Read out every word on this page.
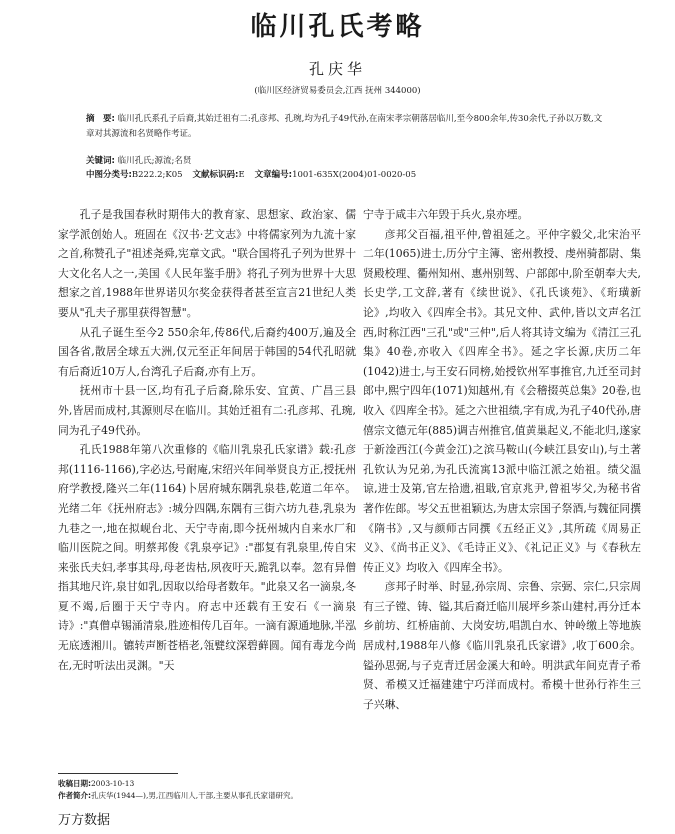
临川孔氏考略
孔庆华
(临川区经济贸易委员会,江西 抚州 344000)
摘　要: 临川孔氏系孔子后裔,其始迁祖有二:孔彦邦、孔琬,均为孔子49代孙,在南宋孝宗朝落居临川,至今800余年,传30余代,子孙以万数,文章对其源流和名贤略作考证。
关键词: 临川孔氏;源流;名贤
中图分类号:B222.2;K05 文献标识码:E 文章编号:1001-635X(2004)01-0020-05

孔子是我国春秋时期伟大的教育家、思想家、政治家、儒家学派创始人。班固在《汉书·艺文志》中将儒家列为九流十家之首,称赞孔子"祖述尧舜,宪章文武。"联合国将孔子列为世界十大文化名人之一,美国《人民年鉴手册》将孔子列为世界十大思想家之首,1988年世界诺贝尔奖金获得者甚至宣言21世纪人类要从"孔夫子那里获得智慧"。

从孔子诞生至今2 550余年,传86代,后裔约400万,遍及全国各省,散居全球五大洲,仅元至正年间居于韩国的54代孔昭就有后裔近10万人,台湾孔子后裔,亦有上万。

抚州市十县一区,均有孔子后裔,除乐安、宜黄、广昌三县外,皆居而成村,其源则尽在临川。其始迁祖有二:孔彦邦、孔琬,同为孔子49代孙。

孔氏1988年第八次重修的《临川乳泉孔氏家谱》载:孔彦邦(1116-1166),字必达,号耐庵,宋绍兴年间举贤良方正,授抚州府学教授,隆兴二年(1164)卜居府城东隅乳泉巷,乾道二年卒。光绪二年《抚州府志》:城分四隅,东隅有三街六坊九巷,乳泉为九巷之一,地在拟岘台北、天宁寺南,即今抚州城内自来水厂和临川医院之间。明蔡邦俊《乳泉亭记》:"郡复有乳泉里,传自宋来张氏夫妇,孝事其母,母老齿枯,夙夜吁天,跪乳以奉。忽有异僧指其地尺许,泉甘如乳,因取以给母者数年。"此泉又名一滴泉,冬夏不竭,后圈于天宁寺内。府志中还载有王安石《一滴泉诗》:"真僧卓锡涌清泉,胜迹相传几百年。一滴有源通地脉,半泓无底透湘川。镳转声断苍梧老,瓴甓纹深碧藓圆。闻有毒龙今尚在,无时听法出灵渊。"天

宁寺于咸丰六年毁于兵火,泉亦堙。

彦邦父百福,祖平仲,曾祖延之。平仲字毅父,北宋治平二年(1065)进士,历分宁主簿、密州教授、虔州骑都尉、集贤殿校理、衢州知州、惠州别驾、户部郎中,阶至朝奉大夫,长史学,工文辞,著有《续世说》、《孔氏谈苑》、《珩璜新论》,均收入《四库全书》。其兄文仲、武仲,皆以文声名江西,时称江西"三孔"或"三仲",后人将其诗文编为《清江三孔集》40卷,亦收入《四库全书》。延之字长源,庆历二年(1042)进士,与王安石同榜,始授钦州军事推官,九迁至司封郎中,熙宁四年(1071)知越州,有《会稽掇英总集》20卷,也收入《四库全书》。延之六世祖绩,字有成,为孔子40代孙,唐僖宗文德元年(885)调吉州推官,值黄巢起义,不能北归,遂家于新淦西江(今黄金江)之滨马鞍山(今峡江县安山),与土著孔钦认为兄弟,为孔氏流寓13派中临江派之始祖。绩父温谅,进士及第,官左拾遗,祖戢,官京兆尹,曾祖岑父,为秘书省著作佐郎。岑父五世祖颖达,为唐太宗国子祭酒,与魏征同撰《隋书》,又与颜师古同撰《五经正义》,其所疏《周易正义》、《尚书正义》、《毛诗正义》、《礼记正义》与《春秋左传正义》均收入《四库全书》。

彦邦子时举、时显,孙宗周、宗鲁、宗弼、宗仁,只宗周有三子镗、铸、镒,其后裔迁临川展坪乡茶山建村,再分迁本乡前坊、红桥庙前、大岗安坊,唱凯白水、钟岭缴上等地族居成村,1988年八修《临川乳泉孔氏家谱》,收丁600余。镒孙思弼,与子克青迁居金溪大和岭。明洪武年间克青子希贤、希模又迁福建建宁巧洋而成村。希模十世孙行祚生三子兴琳、

收稿日期:2003-10-13
作者简介:孔庆华(1944—),男,江西临川人,干部,主要从事孔氏家谱研究。
万方数据
